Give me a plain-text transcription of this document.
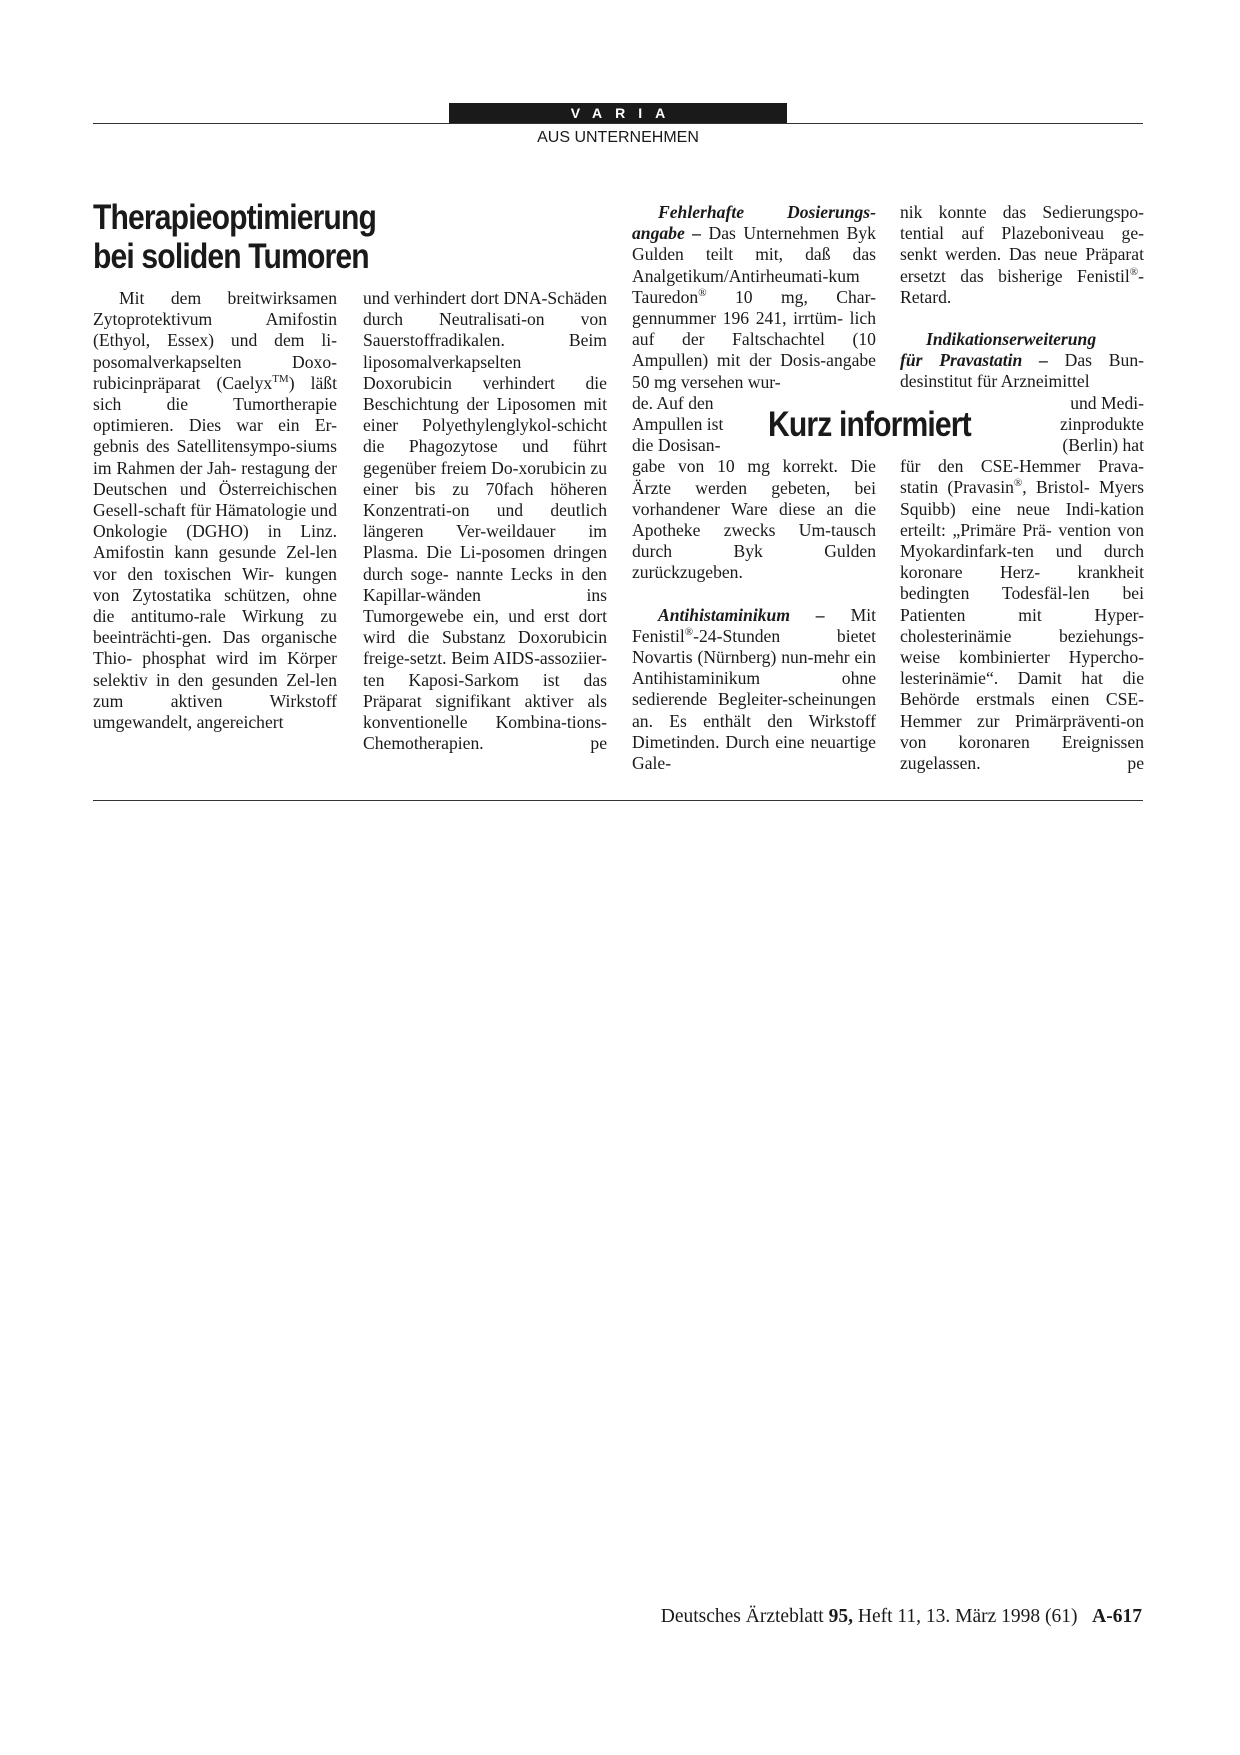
VARIA
AUS UNTERNEHMEN
Therapieoptimierung
bei soliden Tumoren

Mit dem breitwirksamen Zytoprotektivum Amifostin (Ethyol, Essex) und dem li-posomalverkapselten Doxo- rubicinpräparat (Caelyx™) läßt sich die Tumortherapie optimieren. Dies war ein Er-gebnis des Satellitensympo-siums im Rahmen der Jah- restagung der Deutschen und Österreichischen Gesell-schaft für Hämatologie und Onkologie (DGHO) in Linz. Amifostin kann gesunde Zel-len vor den toxischen Wir- kungen von Zytostatika schützen, ohne die antitumo-rale Wirkung zu beeinträchti-gen. Das organische Thio- phosphat wird im Körper selektiv in den gesunden Zel-len zum aktiven Wirkstoff umgewandelt, angereichert

und verhindert dort DNA-Schäden durch Neutralisati-on von Sauerstoffradikalen.	Beim liposomalverkapselten Doxorubicin verhindert die Beschichtung der Liposomen mit einer Polyethylenglykol-schicht die Phagozytose und führt gegenüber freiem Do-xorubicin zu einer bis zu 70fach höheren Konzentrati-on und deutlich längeren Ver-weildauer im Plasma. Die Li-posomen dringen durch soge- nannte Lecks in den Kapillar-wänden ins Tumorgewebe ein, und erst dort wird die Substanz Doxorubicin freige-setzt. Beim AIDS-assoziier-ten Kaposi-Sarkom ist das Präparat signifikant aktiver als konventionelle Kombina-tions-Chemotherapien.	pe

Fehlerhafte Dosierungs-angabe – Das Unternehmen Byk Gulden teilt mit, daß das Analgetikum/Antirheumati-kum Tauredon® 10 mg, Char-gennummer 196 241, irrtüm- lich auf der Faltschachtel (10 Ampullen) mit der Dosis-angabe 50 mg versehen wur-

de. Auf den
Ampullen ist
die Dosisan-

gabe von 10 mg korrekt. Die Ärzte werden gebeten, bei vorhandener Ware diese an die Apotheke zwecks Um-tausch durch Byk Gulden zurückzugeben.

Antihistaminikum – Mit Fenistil®-24-Stunden bietet Novartis (Nürnberg) nun-mehr ein Antihistaminikum	ohne sedierende Begleiter-scheinungen an. Es enthält den Wirkstoff Dimetinden. Durch eine neuartige Gale-

Kurz informiert

nik konnte das Sedierungspo-tential auf Plazeboniveau ge- senkt werden. Das neue Präparat ersetzt das bisherige Fenistil®-Retard.

Indikationserweiterung
für Pravastatin – Das Bun- desinstitut für Arzneimittel

und Medi-
zinprodukte
(Berlin) hat

für den CSE-Hemmer Prava- statin (Pravasin®, Bristol- Myers Squibb) eine neue Indi-kation erteilt: „Primäre Prä- vention von Myokardinfark-ten und durch koronare Herz- krankheit bedingten Todesfäl-len bei Patienten mit Hyper- cholesterinämie beziehungs- weise kombinierter Hyperchо-lesterinämie“. Damit hat die Behörde erstmals einen CSE- Hemmer zur Primärpräventi-on von koronaren Ereignissen zugelassen.	pe

Deutsches Ärzteblatt 95, Heft 11, 13. März 1998 (61) A-617
